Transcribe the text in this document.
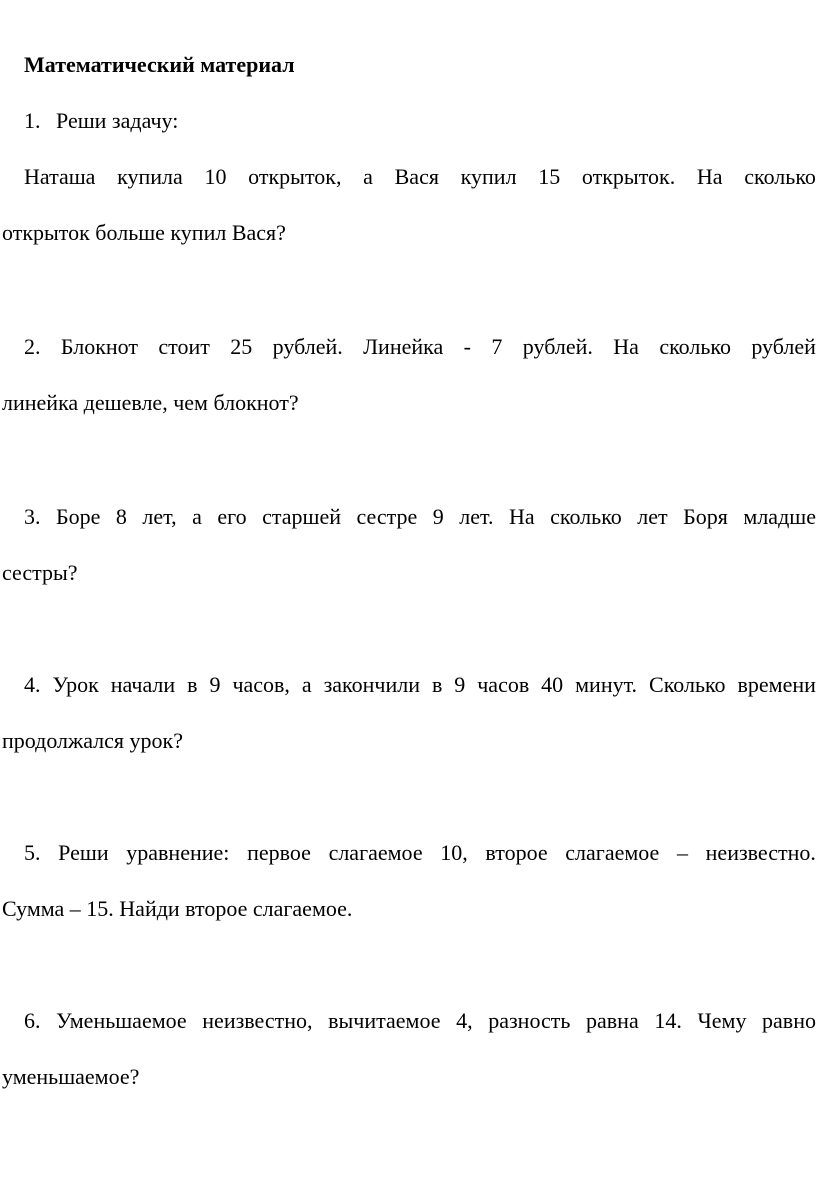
Математический материал
1. Реши задачу:
Наташа купила 10 открыток, а Вася купил 15 открыток. На сколько
открыток больше купил Вася?
2. Блокнот стоит 25 рублей. Линейка - 7 рублей. На сколько рублей
линейка дешевле, чем блокнот?
3. Боре 8 лет, а его старшей сестре 9 лет. На сколько лет Боря младше
сестры?
4. Урок начали в 9 часов, а закончили в 9 часов 40 минут. Сколько времени
продолжался урок?
5. Реши уравнение: первое слагаемое 10, второе слагаемое – неизвестно.
Сумма – 15. Найди второе слагаемое.
6. Уменьшаемое неизвестно, вычитаемое 4, разность равна 14. Чему равно
уменьшаемое?
